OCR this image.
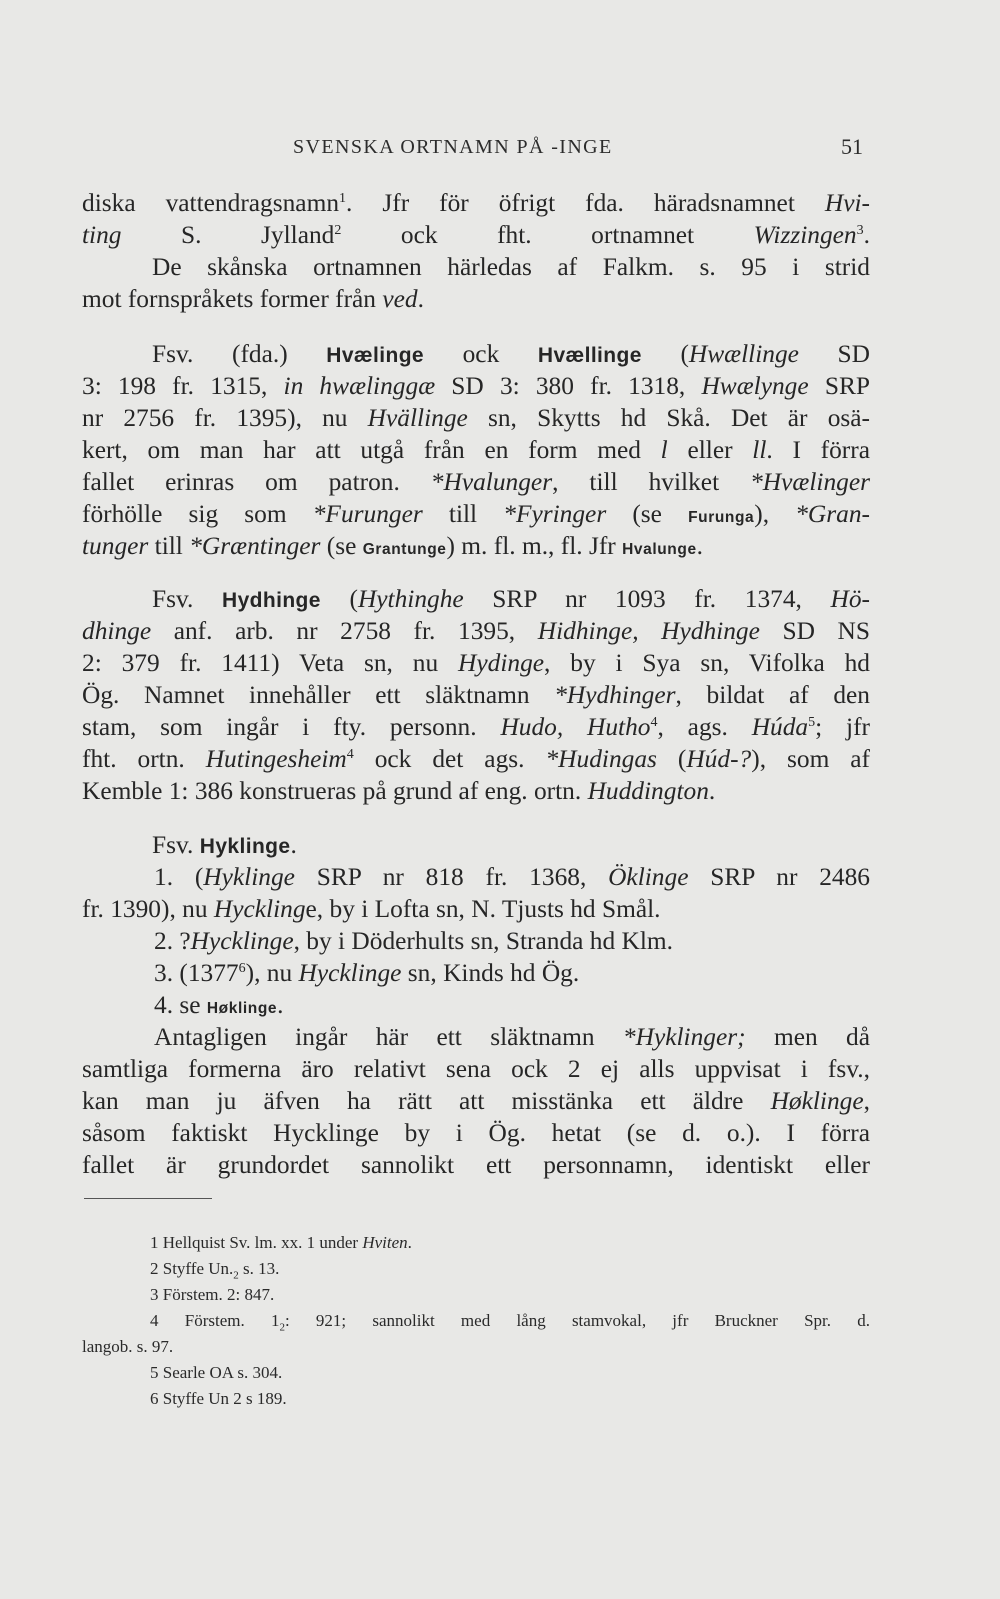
SVENSKA ORTNAMN PÅ -INGE	51
diska vattendragsnamn$^1$. Jfr för öfrigt fda. häradsnamnet Hvi-
ting S. Jylland$^2$ ock fht. ortnamnet Wizzingen$^3$.
De skånska ortnamnen härledas af Falkm. s. 95 i strid
mot fornspråkets former från ved.
Fsv. (fda.) Hvælinge ock Hvællinge (Hwællinge SD
3: 198 fr. 1315, in hwælinggæ SD 3: 380 fr. 1318, Hwælynge SRP
nr 2756 fr. 1395), nu Hvällinge sn, Skytts hd Skå. Det är osä-
kert, om man har att utgå från en form med l eller ll. I förra
fallet erinras om patron. *Hvalunger, till hvilket *Hvælinger
förhölle sig som *Furunger till *Fyringer (se Furunga), *Gran-
tunger till *Græntinger (se Grantunge) m. fl. m., fl. Jfr Hvalunge.
Fsv. Hydhinge (Hythinghe SRP nr 1093 fr. 1374, Hö-
dhinge anf. arb. nr 2758 fr. 1395, Hidhinge, Hydhinge SD NS
2: 379 fr. 1411) Veta sn, nu Hydinge, by i Sya sn, Vifolka hd
Ög. Namnet innehåller ett släktnamn *Hydhinger, bildat af den
stam, som ingår i fty. personn. Hudo, Hutho$^4$, ags. Húda$^5$; jfr
fht. ortn. Hutingesheim$^4$ ock det ags. *Hudingas (Húd-?), som af
Kemble 1: 386 konstrueras på grund af eng. ortn. Huddington.
Fsv. Hyklinge.
1. (Hyklinge SRP nr 818 fr. 1368, Öklinge SRP nr 2486
fr. 1390), nu Hycklinge, by i Lofta sn, N. Tjusts hd Smål.
2. ?Hycklinge, by i Döderhults sn, Stranda hd Klm.
3. (1377$^6$), nu Hycklinge sn, Kinds hd Ög.
4. se Høklinge.
Antagligen ingår här ett släktnamn *Hyklinger; men då
samtliga formerna äro relativt sena ock 2 ej alls uppvisat i fsv.,
kan man ju äfven ha rätt att misstänka ett äldre Høklinge,
såsom faktiskt Hycklinge by i Ög. hetat (se d. o.). I förra
fallet är grundordet sannolikt ett personnamn, identiskt eller
1 Hellquist Sv. lm. xx. 1 under Hviten.
2 Styffe $Un._2$ s. 13.
3 Förstem. 2: 847.
4 Förstem. $1_2$: 921; sannolikt med lång stamvokal, jfr Bruckner Spr. d.
langob. s. 97.
5 Searle OA s. 304.
6 Styffe Un 2 s 189.
